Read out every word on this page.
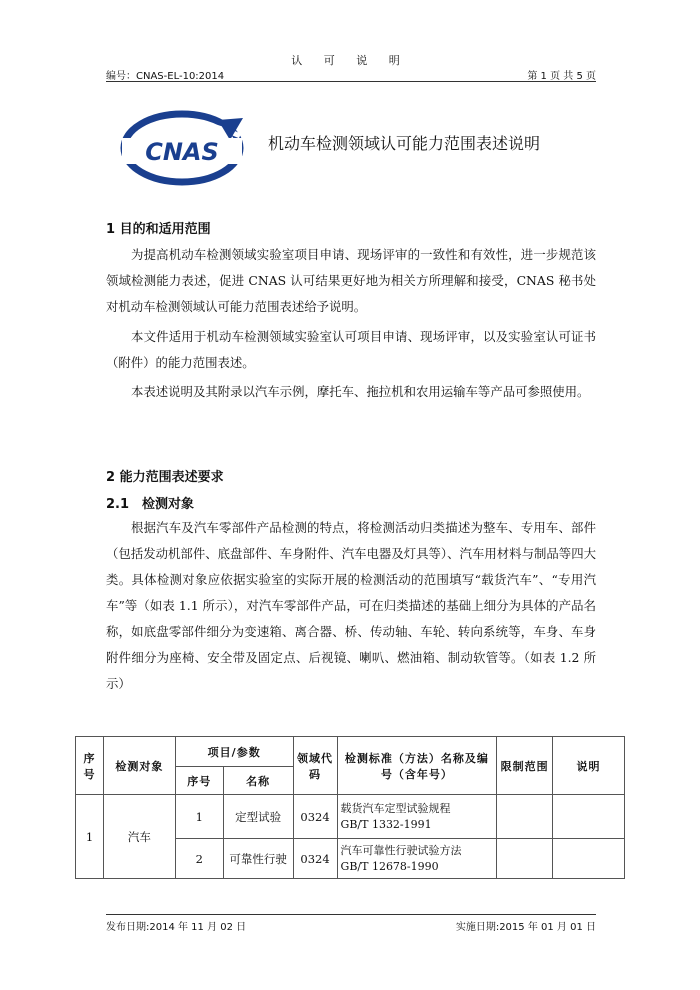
认 可 说 明
编号：CNAS-EL-10:2014	第 1 页 共 5 页
CNAS	机动车检测领域认可能力范围表述说明
1 目的和适用范围

为提高机动车检测领域实验室项目申请、现场评审的一致性和有效性，进一步规范该领域检测能力表述，促进 CNAS 认可结果更好地为相关方所理解和接受，CNAS 秘书处对机动车检测领域认可能力范围表述给予说明。

本文件适用于机动车检测领域实验室认可项目申请、现场评审，以及实验室认可证书（附件）的能力范围表述。

本表述说明及其附录以汽车示例，摩托车、拖拉机和农用运输车等产品可参照使用。

2 能力范围表述要求
2.1　检测对象

根据汽车及汽车零部件产品检测的特点，将检测活动归类描述为整车、专用车、部件（包括发动机部件、底盘部件、车身附件、汽车电器及灯具等）、汽车用材料与制品等四大类。具体检测对象应依据实验室的实际开展的检测活动的范围填写“载货汽车”、“专用汽车”等（如表 1.1 所示），对汽车零部件产品，可在归类描述的基础上细分为具体的产品名称，如底盘零部件细分为变速箱、离合器、桥、传动轴、车轮、转向系统等，车身、车身附件细分为座椅、安全带及固定点、后视镜、喇叭、燃油箱、制动软管等。（如表 1.2 所示）

序号	检测对象	项目/参数		领域代码	检测标准（方法）名称及编号（含年号）	限制范围	说明
		序号	名称				
1	汽车	1	定型试验	0324	载货汽车定型试验规程
GB/T 1332-1991		

		2	可靠性行驶	0324	汽车可靠性行驶试验方法
GB/T 12678-1990		

发布日期:2014 年 11 月 02 日	实施日期:2015 年 01 月 01 日
